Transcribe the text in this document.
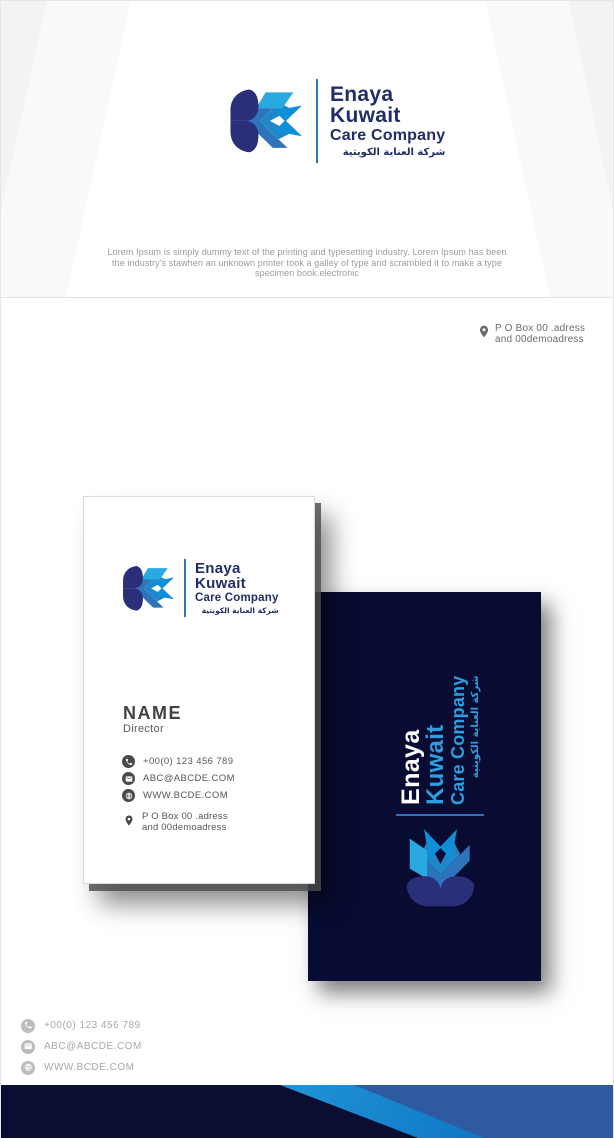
Enaya
Kuwait
Care Company
شركة العناية الكويتية

Lorem Ipsum is simply dummy text of the printing and typesetting industry. Lorem Ipsum has been the industry's stawhen an unknown printer took a galley of type and scrambled it to make a type specimen book.electronic

P O Box 00 .adress
and 00demoadress
Enaya
Kuwait Care Company شركة العناية الكويتية
Enaya
Kuwait
Care Company
شركة العناية الكويتية
NAME
Director
+00(0) 123 456 789
ABC@ABCDE.COM
WWW.BCDE.COM
P O Box 00 .adress
and 00demoadress
+00(0) 123 456 789
ABC@ABCDE.COM
WWW.BCDE.COM
